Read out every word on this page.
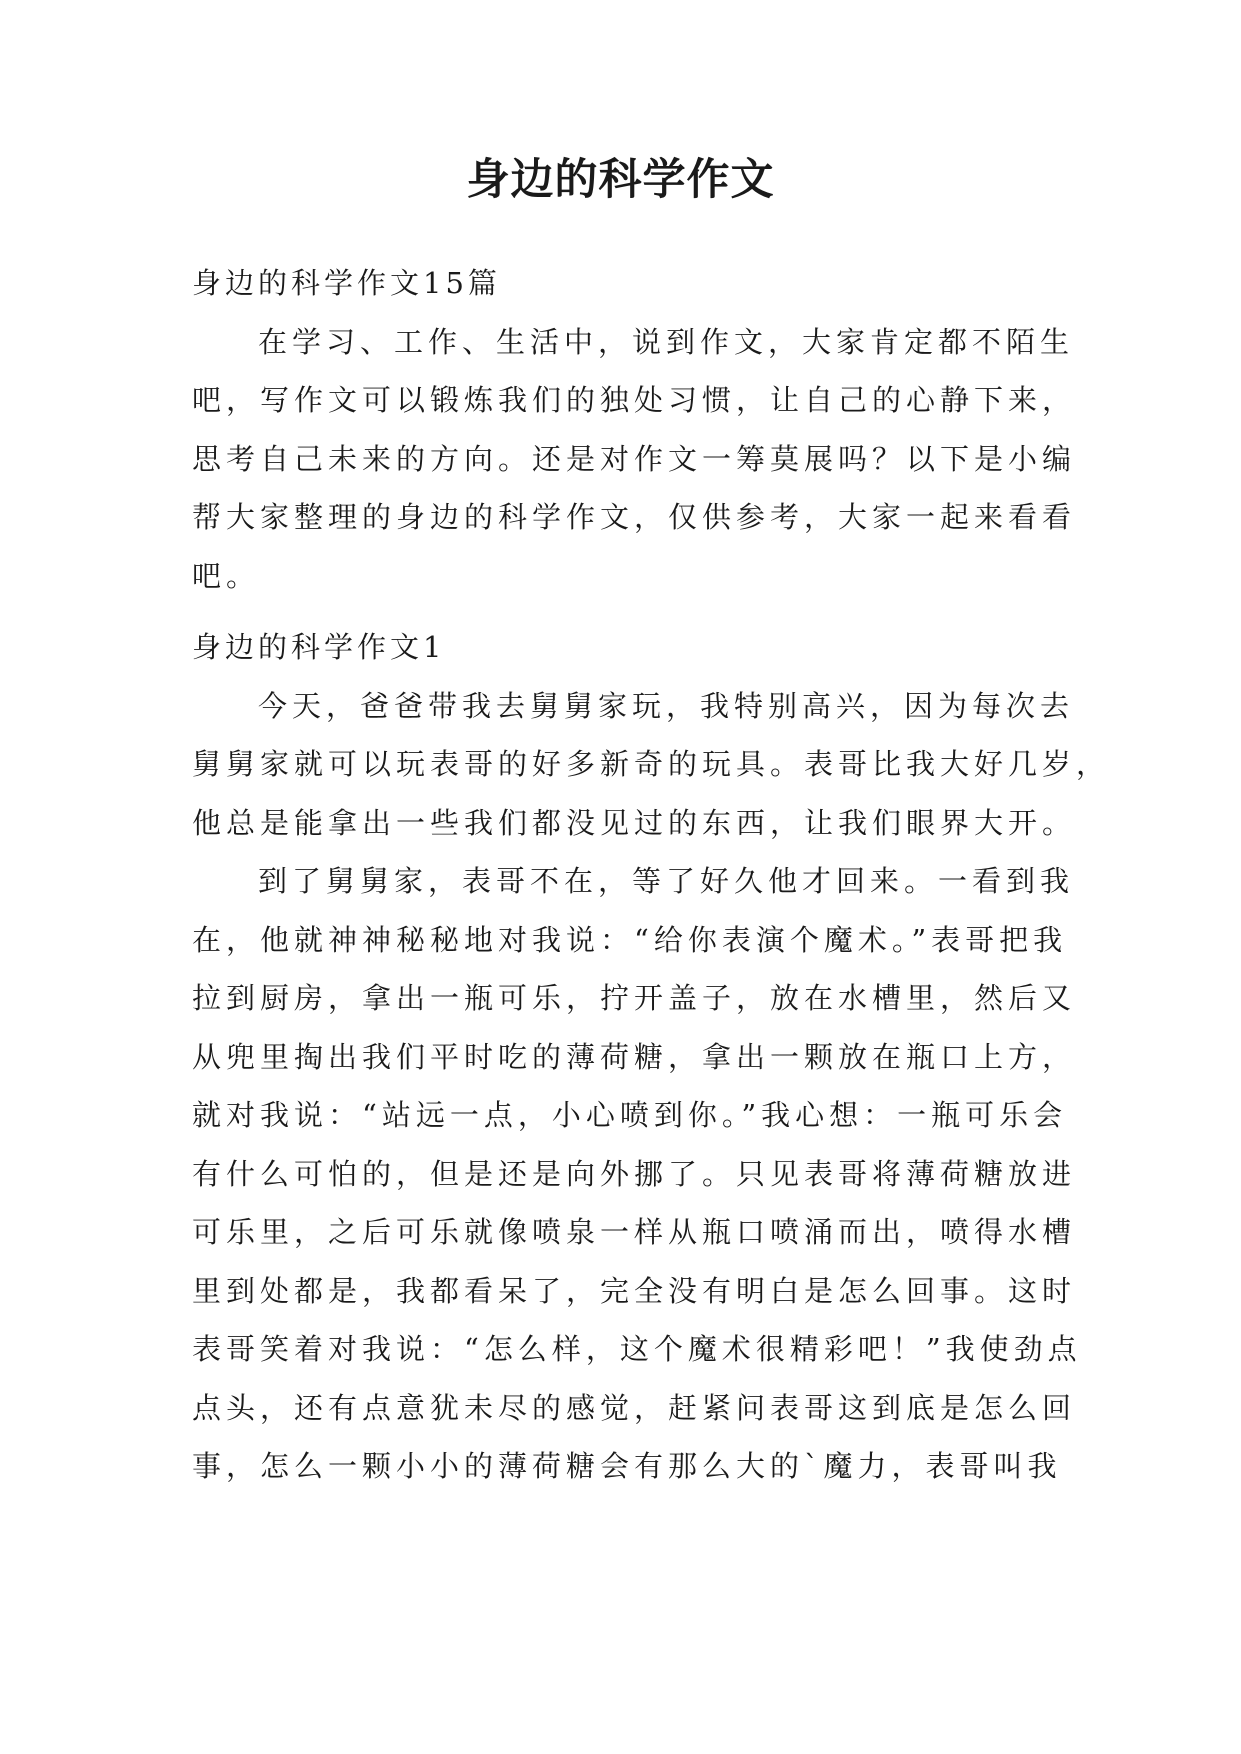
身边的科学作文
身边的科学作文15篇
在学习、工作、生活中，说到作文，大家肯定都不陌生
吧，写作文可以锻炼我们的独处习惯，让自己的心静下来，
思考自己未来的方向。还是对作文一筹莫展吗？以下是小编
帮大家整理的身边的科学作文，仅供参考，大家一起来看看
吧。
身边的科学作文1
今天，爸爸带我去舅舅家玩，我特别高兴，因为每次去
舅舅家就可以玩表哥的好多新奇的玩具。表哥比我大好几岁，
他总是能拿出一些我们都没见过的东西，让我们眼界大开。
到了舅舅家，表哥不在，等了好久他才回来。一看到我
在，他就神神秘秘地对我说：“给你表演个魔术。”表哥把我
拉到厨房，拿出一瓶可乐，拧开盖子，放在水槽里，然后又
从兜里掏出我们平时吃的薄荷糖，拿出一颗放在瓶口上方，
就对我说：“站远一点，小心喷到你。”我心想：一瓶可乐会
有什么可怕的，但是还是向外挪了。只见表哥将薄荷糖放进
可乐里，之后可乐就像喷泉一样从瓶口喷涌而出，喷得水槽
里到处都是，我都看呆了，完全没有明白是怎么回事。这时
表哥笑着对我说：“怎么样，这个魔术很精彩吧！”我使劲点
点头，还有点意犹未尽的感觉，赶紧问表哥这到底是怎么回
事，怎么一颗小小的薄荷糖会有那么大的`魔力，表哥叫我
